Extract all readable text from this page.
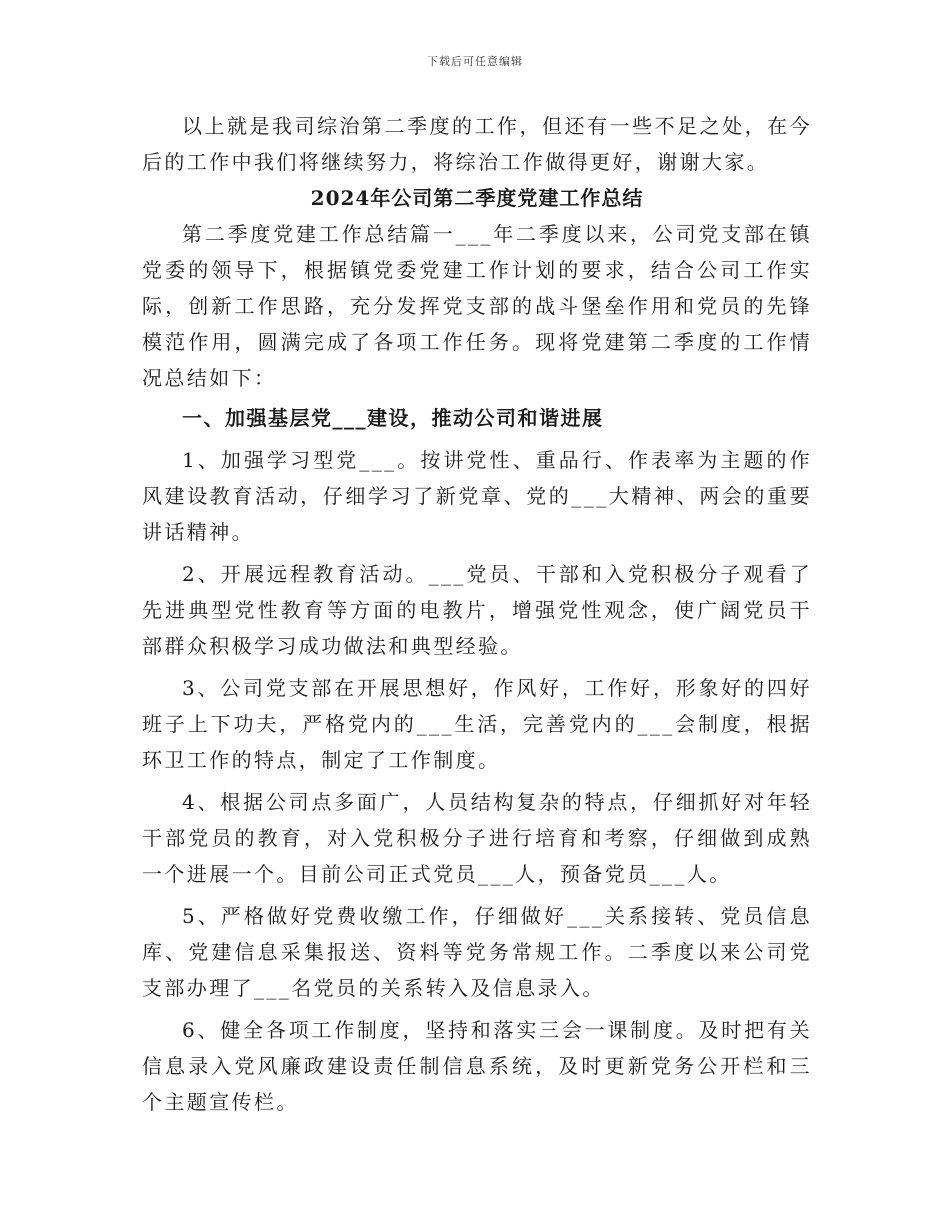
下载后可任意编辑

以上就是我司综治第二季度的工作，但还有一些不足之处，在今后的工作中我们将继续努力，将综治工作做得更好，谢谢大家。

2024年公司第二季度党建工作总结

第二季度党建工作总结篇一___年二季度以来，公司党支部在镇党委的领导下，根据镇党委党建工作计划的要求，结合公司工作实际，创新工作思路，充分发挥党支部的战斗堡垒作用和党员的先锋模范作用，圆满完成了各项工作任务。现将党建第二季度的工作情况总结如下：

一、加强基层党___建设，推动公司和谐进展

1、加强学习型党___。按讲党性、重品行、作表率为主题的作风建设教育活动，仔细学习了新党章、党的___大精神、两会的重要讲话精神。

2、开展远程教育活动。___党员、干部和入党积极分子观看了先进典型党性教育等方面的电教片，增强党性观念，使广阔党员干部群众积极学习成功做法和典型经验。

3、公司党支部在开展思想好，作风好，工作好，形象好的四好班子上下功夫，严格党内的___生活，完善党内的___会制度，根据环卫工作的特点，制定了工作制度。

4、根据公司点多面广，人员结构复杂的特点，仔细抓好对年轻干部党员的教育，对入党积极分子进行培育和考察，仔细做到成熟一个进展一个。目前公司正式党员___人，预备党员___人。

5、严格做好党费收缴工作，仔细做好___关系接转、党员信息库、党建信息采集报送、资料等党务常规工作。二季度以来公司党支部办理了___名党员的关系转入及信息录入。

6、健全各项工作制度，坚持和落实三会一课制度。及时把有关信息录入党风廉政建设责任制信息系统，及时更新党务公开栏和三个主题宣传栏。
